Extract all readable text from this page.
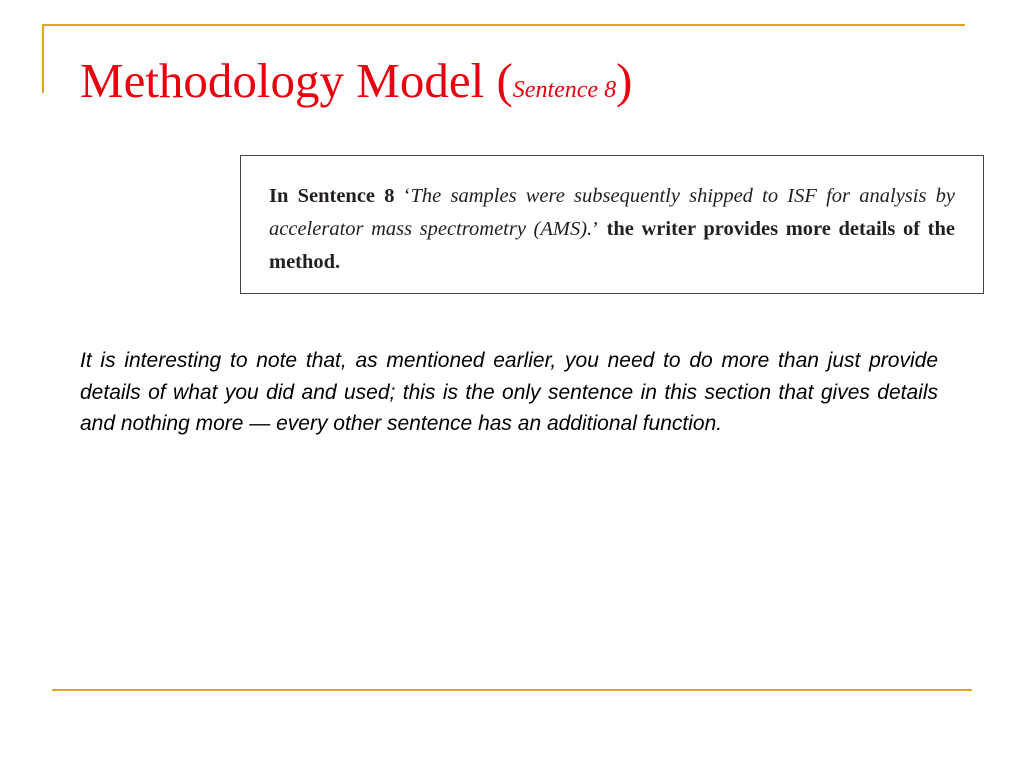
Methodology Model (Sentence 8)
In Sentence 8 ‘The samples were subsequently shipped to ISF for analysis by accelerator mass spectrometry (AMS).’ the writer provides more details of the method.

It is interesting to note that, as mentioned earlier, you need to do more than just provide details of what you did and used; this is the only sentence in this section that gives details and nothing more — every other sentence has an additional function.
